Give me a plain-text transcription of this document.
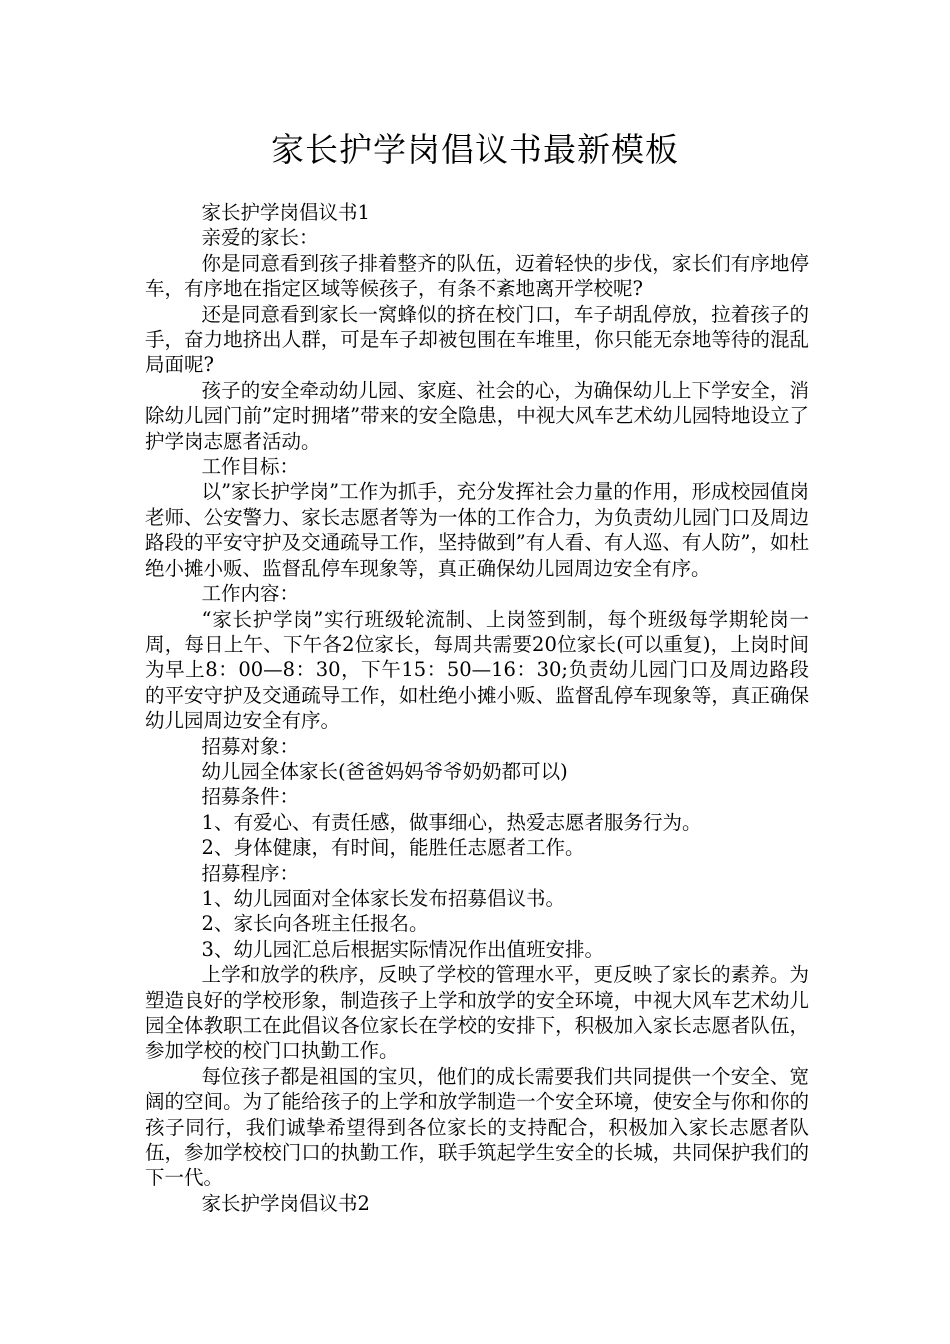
家长护学岗倡议书最新模板

家长护学岗倡议书1

亲爱的家长：

你是同意看到孩子排着整齐的队伍，迈着轻快的步伐，家长们有序地停车，有序地在指定区域等候孩子，有条不紊地离开学校呢?

还是同意看到家长一窝蜂似的挤在校门口，车子胡乱停放，拉着孩子的手，奋力地挤出人群，可是车子却被包围在车堆里，你只能无奈地等待的混乱局面呢?

孩子的安全牵动幼儿园、家庭、社会的心，为确保幼儿上下学安全，消除幼儿园门前”定时拥堵”带来的安全隐患，中视大风车艺术幼儿园特地设立了护学岗志愿者活动。

工作目标：

以”家长护学岗”工作为抓手，充分发挥社会力量的作用，形成校园值岗老师、公安警力、家长志愿者等为一体的工作合力，为负责幼儿园门口及周边路段的平安守护及交通疏导工作，坚持做到”有人看、有人巡、有人防”，如杜绝小摊小贩、监督乱停车现象等，真正确保幼儿园周边安全有序。

工作内容：

“家长护学岗”实行班级轮流制、上岗签到制，每个班级每学期轮岗一周，每日上午、下午各2位家长，每周共需要20位家长(可以重复)，上岗时间为早上8：00—8：30，下午15：50—16：30;负责幼儿园门口及周边路段的平安守护及交通疏导工作，如杜绝小摊小贩、监督乱停车现象等，真正确保幼儿园周边安全有序。

招募对象：

幼儿园全体家长(爸爸妈妈爷爷奶奶都可以)

招募条件：

1、有爱心、有责任感，做事细心，热爱志愿者服务行为。

2、身体健康，有时间，能胜任志愿者工作。

招募程序：

1、幼儿园面对全体家长发布招募倡议书。

2、家长向各班主任报名。

3、幼儿园汇总后根据实际情况作出值班安排。

上学和放学的秩序，反映了学校的管理水平，更反映了家长的素养。为塑造良好的学校形象，制造孩子上学和放学的安全环境，中视大风车艺术幼儿园全体教职工在此倡议各位家长在学校的安排下，积极加入家长志愿者队伍，参加学校的校门口执勤工作。

每位孩子都是祖国的宝贝，他们的成长需要我们共同提供一个安全、宽阔的空间。为了能给孩子的上学和放学制造一个安全环境，使安全与你和你的孩子同行，我们诚挚希望得到各位家长的支持配合，积极加入家长志愿者队伍，参加学校校门口的执勤工作，联手筑起学生安全的长城，共同保护我们的下一代。

家长护学岗倡议书2
